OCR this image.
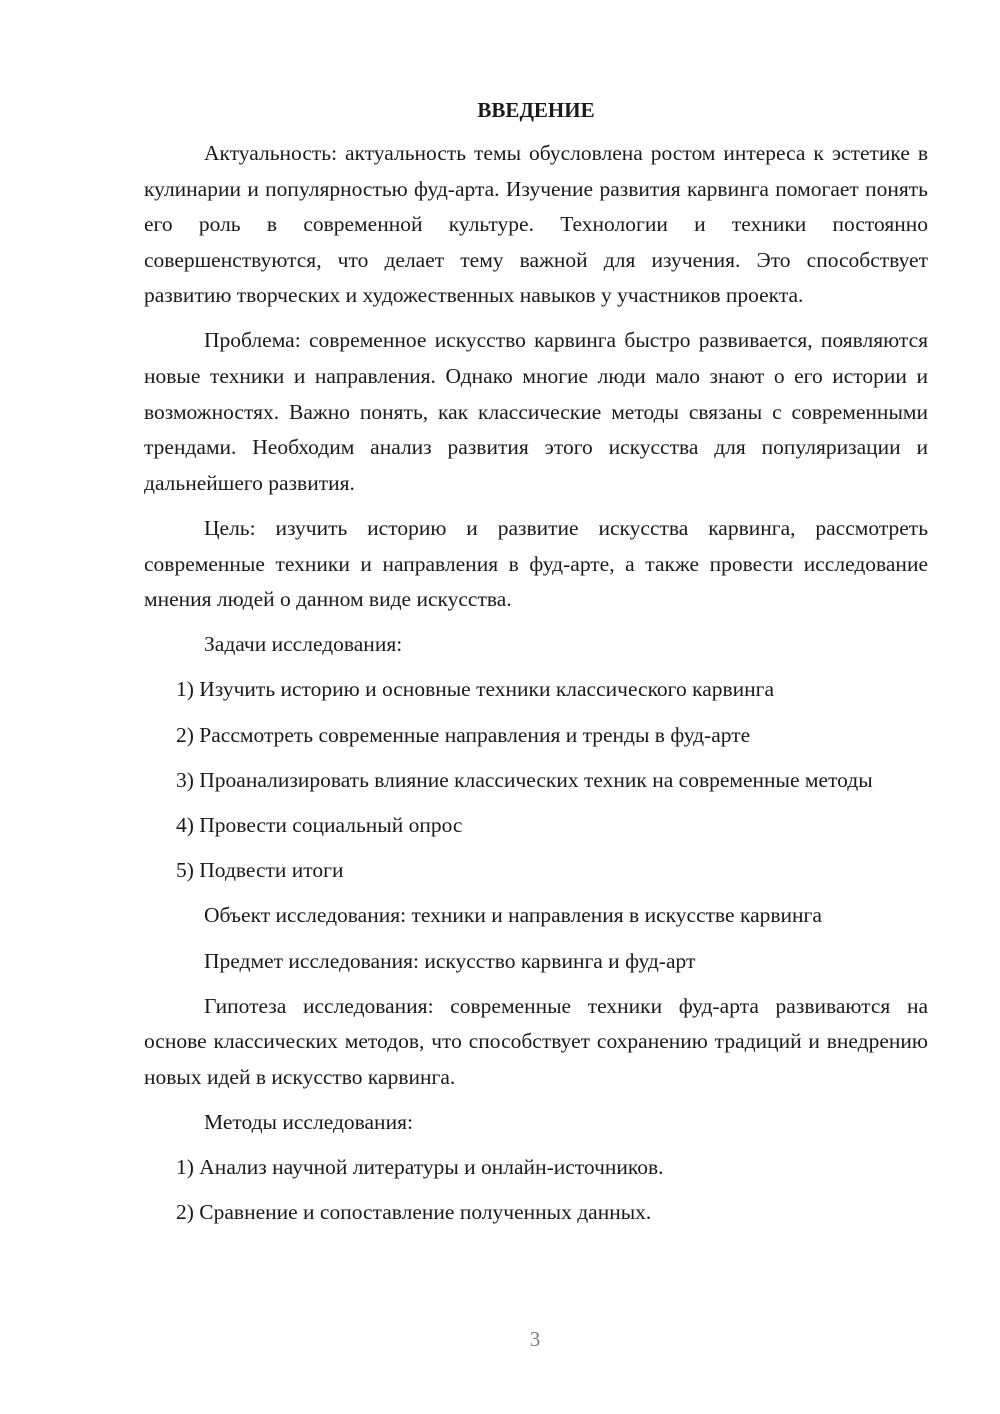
ВВЕДЕНИЕ

Актуальность: актуальность темы обусловлена ростом интереса к эстетике в кулинарии и популярностью фуд-арта. Изучение развития карвинга помогает понять его роль в современной культуре. Технологии и техники постоянно совершенствуются, что делает тему важной для изучения. Это способствует развитию творческих и художественных навыков у участников проекта.

Проблема: современное искусство карвинга быстро развивается, появляются новые техники и направления. Однако многие люди мало знают о его истории и возможностях. Важно понять, как классические методы связаны с современными трендами. Необходим анализ развития этого искусства для популяризации и дальнейшего развития.

Цель: изучить историю и развитие искусства карвинга, рассмотреть современные техники и направления в фуд-арте, а также провести исследование мнения людей о данном виде искусства.

Задачи исследования:
1) Изучить историю и основные техники классического карвинга
2) Рассмотреть современные направления и тренды в фуд-арте
3) Проанализировать влияние классических техник на современные методы
4) Провести социальный опрос
5) Подвести итоги
Объект исследования: техники и направления в искусстве карвинга
Предмет исследования: искусство карвинга и фуд-арт

Гипотеза исследования: современные техники фуд-арта развиваются на основе классических методов, что способствует сохранению традиций и внедрению новых идей в искусство карвинга.

Методы исследования:
1) Анализ научной литературы и онлайн-источников.
2) Сравнение и сопоставление полученных данных.
3
